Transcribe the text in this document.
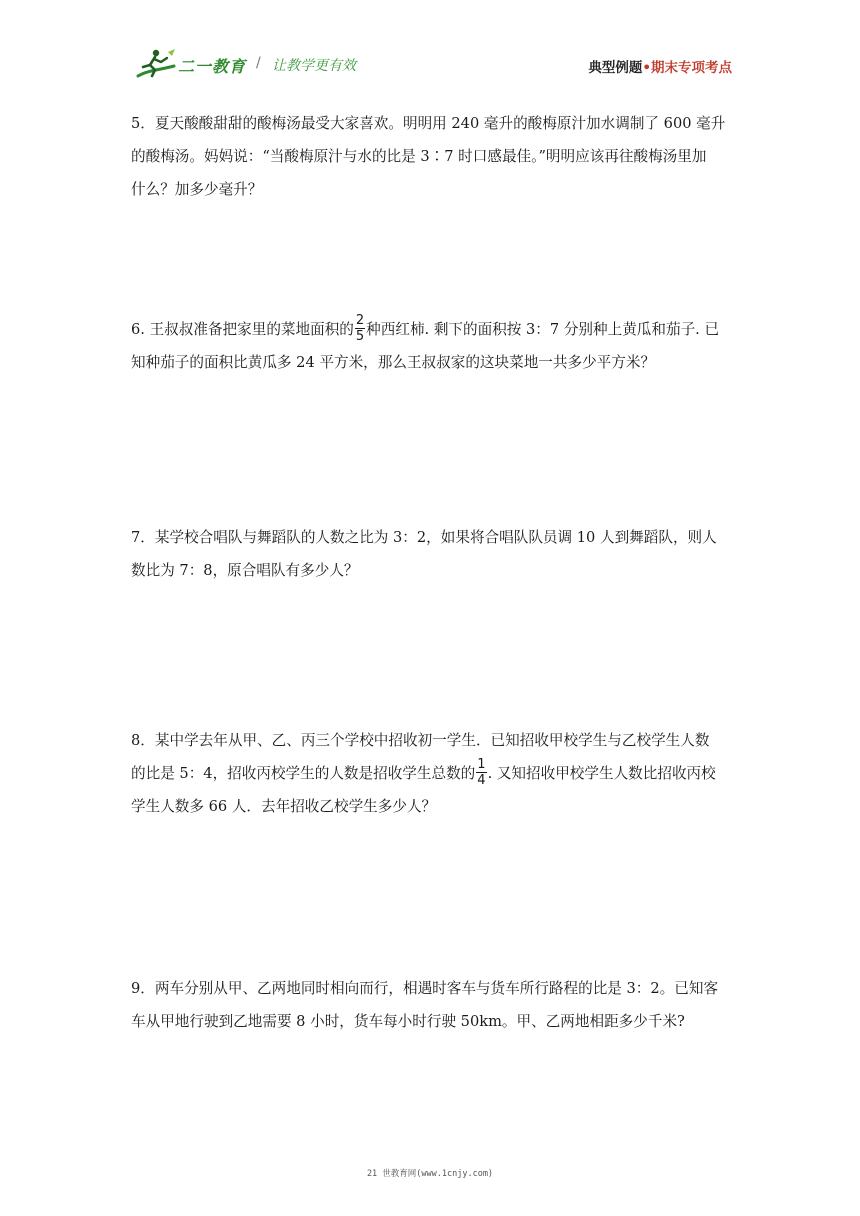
二一教育 / 让教学更有效	典型例题•期末专项考点

5．夏天酸酸甜甜的酸梅汤最受大家喜欢。明明用 240 毫升的酸梅原汁加水调制了 600 毫升

的酸梅汤。妈妈说：“当酸梅原汁与水的比是 3∶7 时口感最佳。”明明应该再往酸梅汤里加

什么？加多少毫升？

6. 王叔叔准备把家里的菜地面积的 $\frac{2}{5}$ 种西红柿. 剩下的面积按 3：7 分别种上黄瓜和茄子. 已

知种茄子的面积比黄瓜多 24 平方米，那么王叔叔家的这块菜地一共多少平方米？

7．某学校合唱队与舞蹈队的人数之比为 3：2，如果将合唱队队员调 10 人到舞蹈队，则人

数比为 7：8，原合唱队有多少人？

8．某中学去年从甲、乙、丙三个学校中招收初一学生．已知招收甲校学生与乙校学生人数

的比是 5：4，招收丙校学生的人数是招收学生总数的 $\frac{1}{4}$ . 又知招收甲校学生人数比招收丙校

学生人数多 66 人．去年招收乙校学生多少人？

9．两车分别从甲、乙两地同时相向而行，相遇时客车与货车所行路程的比是 3：2。已知客

车从甲地行驶到乙地需要 8 小时，货车每小时行驶 50km。甲、乙两地相距多少千米?

21 世教育网(www.1cnjy.com)
